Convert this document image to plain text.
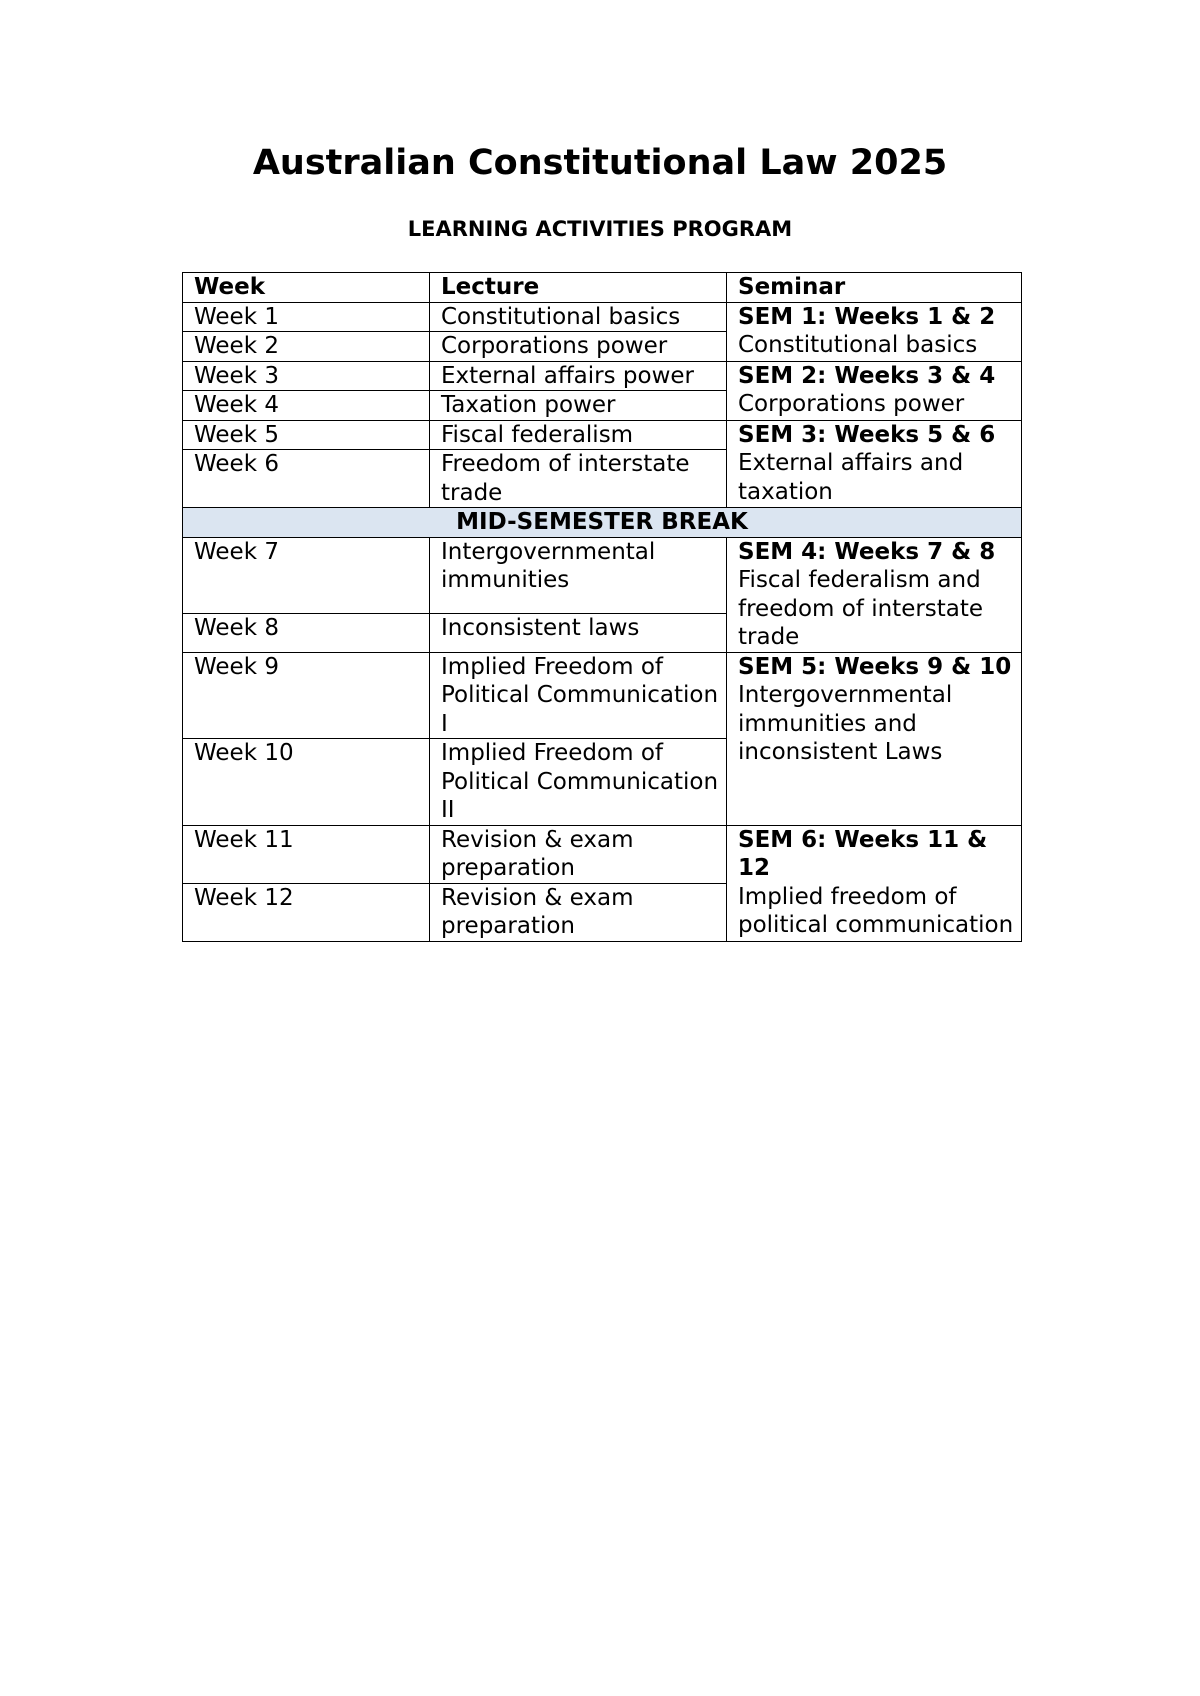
Australian Constitutional Law 2025

LEARNING ACTIVITIES PROGRAM

Week	Lecture	Seminar
Week 1	Constitutional basics	SEM 1: Weeks 1 & 2
Constitutional basics

Week 2	Corporations power	
Week 3	External affairs power	SEM 2: Weeks 3 & 4
Corporations power

Week 4	Taxation power	
Week 5	Fiscal federalism	SEM 3: Weeks 5 & 6
External affairs and taxation

Week 6	Freedom of interstate trade	
MID-SEMESTER BREAK		
Week 7	Intergovernmental immunities	SEM 4: Weeks 7 & 8
Fiscal federalism and freedom of interstate trade

Week 8	Inconsistent laws	
Week 9	Implied Freedom of Political Communication I	SEM 5: Weeks 9 & 10
Intergovernmental immunities and inconsistent Laws

Week 10	Implied Freedom of Political Communication II	
Week 11	Revision & exam preparation	SEM 6: Weeks 11 & 12
Implied freedom of political communication

Week 12	Revision & exam preparation	
